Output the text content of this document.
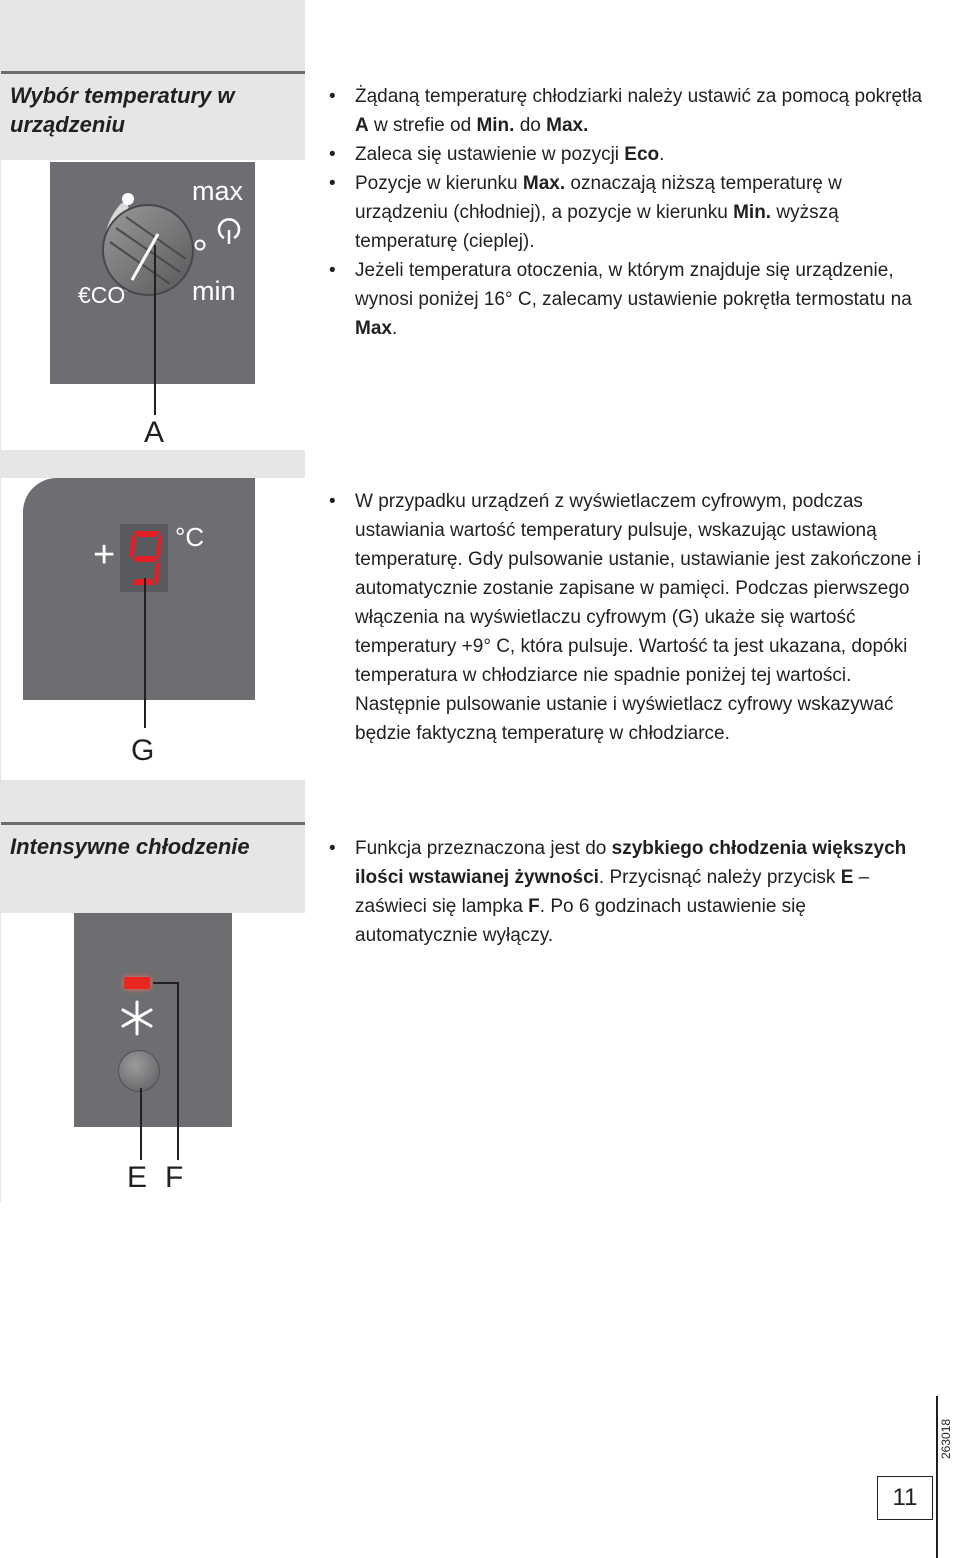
Wybór temperatury w urządzeniu
max
min
€CO
A
• Żądaną temperaturę chłodziarki należy ustawić za pomocą pokrętła A w strefie od Min. do Max.
• Zaleca się ustawienie w pozycji Eco.
• Pozycje w kierunku Max. oznaczają niższą temperaturę w urządzeniu (chłodniej), a pozycje w kierunku Min. wyższą temperaturę (cieplej).
• Jeżeli temperatura otoczenia, w którym znajduje się urządzenie, wynosi poniżej 16° C, zalecamy ustawienie pokrętła termostatu na Max.
+ °C
G
• W przypadku urządzeń z wyświetlaczem cyfrowym, podczas ustawiania wartość temperatury pulsuje, wskazując ustawioną temperaturę. Gdy pulsowanie ustanie, ustawianie jest zakończone i automatycznie zostanie zapisane w pamięci. Podczas pierwszego włączenia na wyświetlaczu cyfrowym (G) ukaże się wartość temperatury +9° C, która pulsuje. Wartość ta jest ukazana, dopóki temperatura w chłodziarce nie spadnie poniżej tej wartości. Następnie pulsowanie ustanie i wyświetlacz cyfrowy wskazywać będzie faktyczną temperaturę w chłodziarce.
Intensywne chłodzenie
E F
• Funkcja przeznaczona jest do szybkiego chłodzenia większych ilości wstawianej żywności. Przycisnąć należy przycisk E – zaświeci się lampka F. Po 6 godzinach ustawienie się automatycznie wyłączy.
263018
11
